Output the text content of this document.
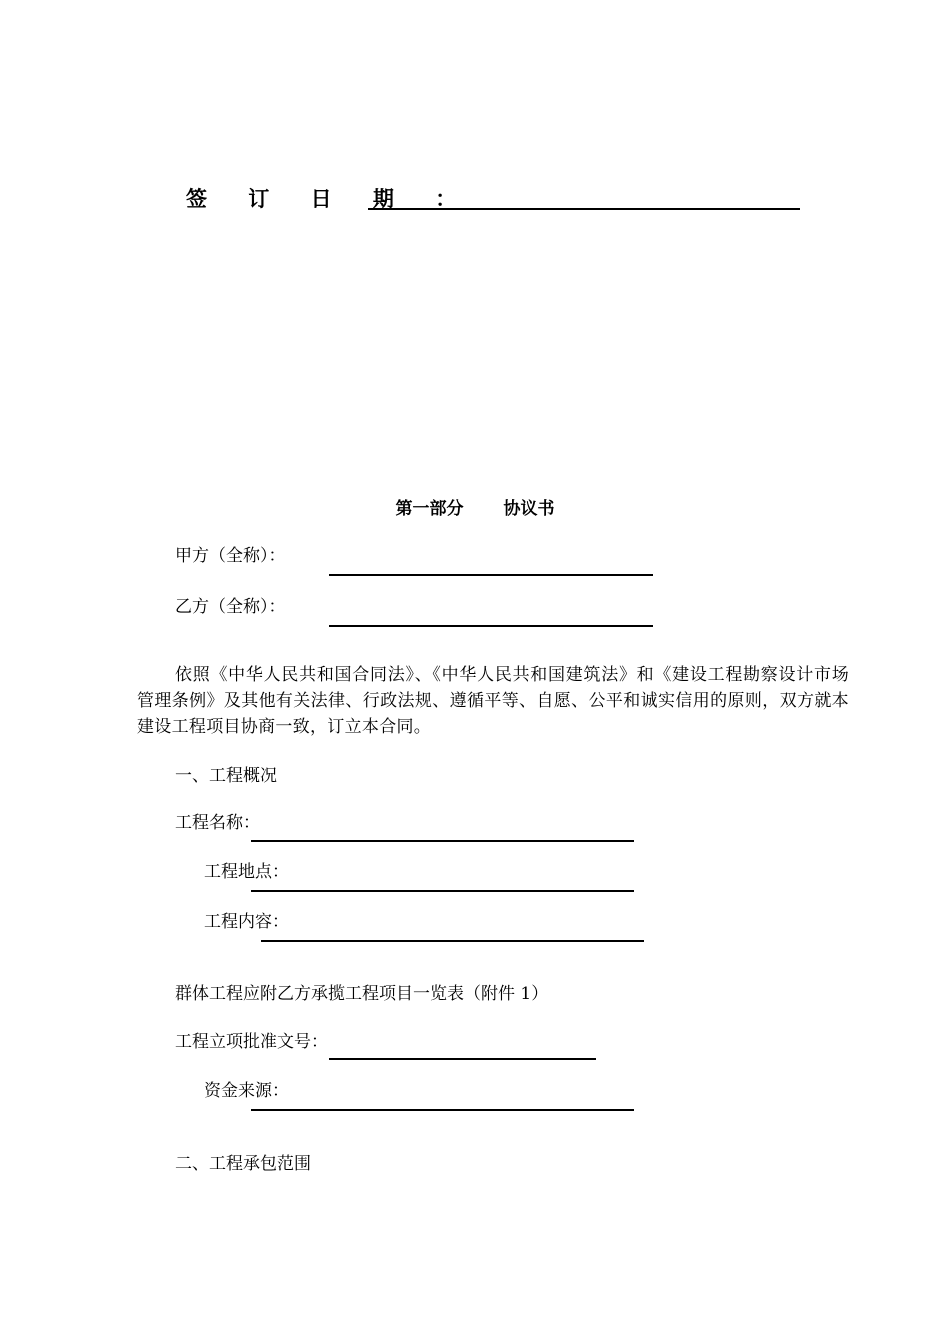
签 订 日 期 ：
第一部分 协议书
甲方（全称）：
乙方（全称）：
依照《中华人民共和国合同法》、《中华人民共和国建筑法》和《建设工程勘察设计市场管理条例》及其他有关法律、行政法规、遵循平等、自愿、公平和诚实信用的原则，双方就本建设工程项目协商一致，订立本合同。
一、工程概况
工程名称：
工程地点：
工程内容：
群体工程应附乙方承揽工程项目一览表（附件 1）
工程立项批准文号：
资金来源：
二、工程承包范围
